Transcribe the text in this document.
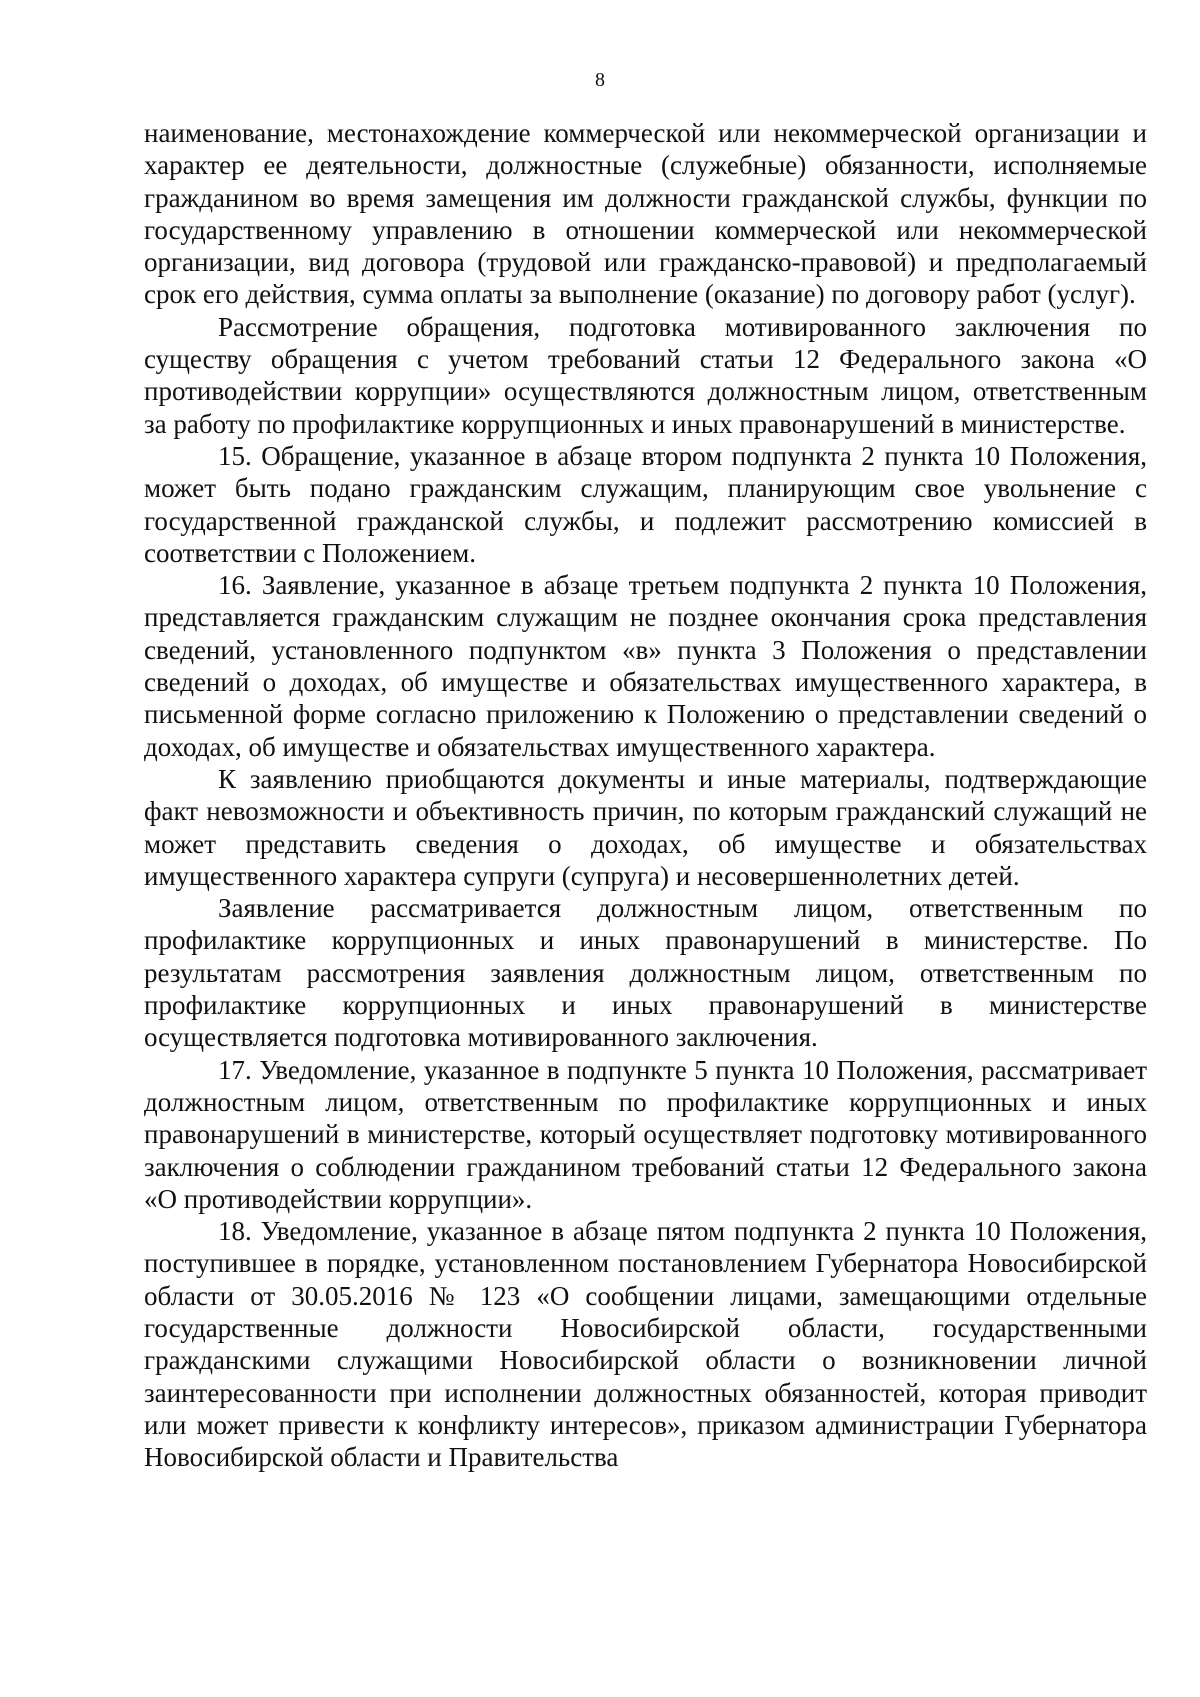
8

наименование, местонахождение коммерческой или некоммерческой организации и характер ее деятельности, должностные (служебные) обязанности, исполняемые гражданином во время замещения им должности гражданской службы, функции по государственному управлению в отношении коммерческой или некоммерческой организации, вид договора (трудовой или гражданско-правовой) и предполагаемый срок его действия, сумма оплаты за выполнение (оказание) по договору работ (услуг).

Рассмотрение обращения, подготовка мотивированного заключения по существу обращения с учетом требований статьи 12 Федерального закона «О противодействии коррупции» осуществляются должностным лицом, ответственным за работу по профилактике коррупционных и иных правонарушений в министерстве.

15. Обращение, указанное в абзаце втором подпункта 2 пункта 10 Положения, может быть подано гражданским служащим, планирующим свое увольнение с государственной гражданской службы, и подлежит рассмотрению комиссией в соответствии с Положением.

16. Заявление, указанное в абзаце третьем подпункта 2 пункта 10 Положения, представляется гражданским служащим не позднее окончания срока представления сведений, установленного подпунктом «в» пункта 3 Положения о представлении сведений о доходах, об имуществе и обязательствах имущественного характера, в письменной форме согласно приложению к Положению о представлении сведений о доходах, об имуществе и обязательствах имущественного характера.

К заявлению приобщаются документы и иные материалы, подтверждающие факт невозможности и объективность причин, по которым гражданский служащий не может представить сведения о доходах, об имуществе и обязательствах имущественного характера супруги (супруга) и несовершеннолетних детей.

Заявление рассматривается должностным лицом, ответственным по профилактике коррупционных и иных правонарушений в министерстве. По результатам рассмотрения заявления должностным лицом, ответственным по профилактике коррупционных и иных правонарушений в министерстве осуществляется подготовка мотивированного заключения.

17. Уведомление, указанное в подпункте 5 пункта 10 Положения, рассматривает должностным лицом, ответственным по профилактике коррупционных и иных правонарушений в министерстве, который осуществляет подготовку мотивированного заключения о соблюдении гражданином требований статьи 12 Федерального закона «О противодействии коррупции».

18. Уведомление, указанное в абзаце пятом подпункта 2 пункта 10 Положения, поступившее в порядке, установленном постановлением Губернатора Новосибирской области от 30.05.2016 № 123 «О сообщении лицами, замещающими отдельные государственные должности Новосибирской области, государственными гражданскими служащими Новосибирской области о возникновении личной заинтересованности при исполнении должностных обязанностей, которая приводит или может привести к конфликту интересов», приказом администрации Губернатора Новосибирской области и Правительства
